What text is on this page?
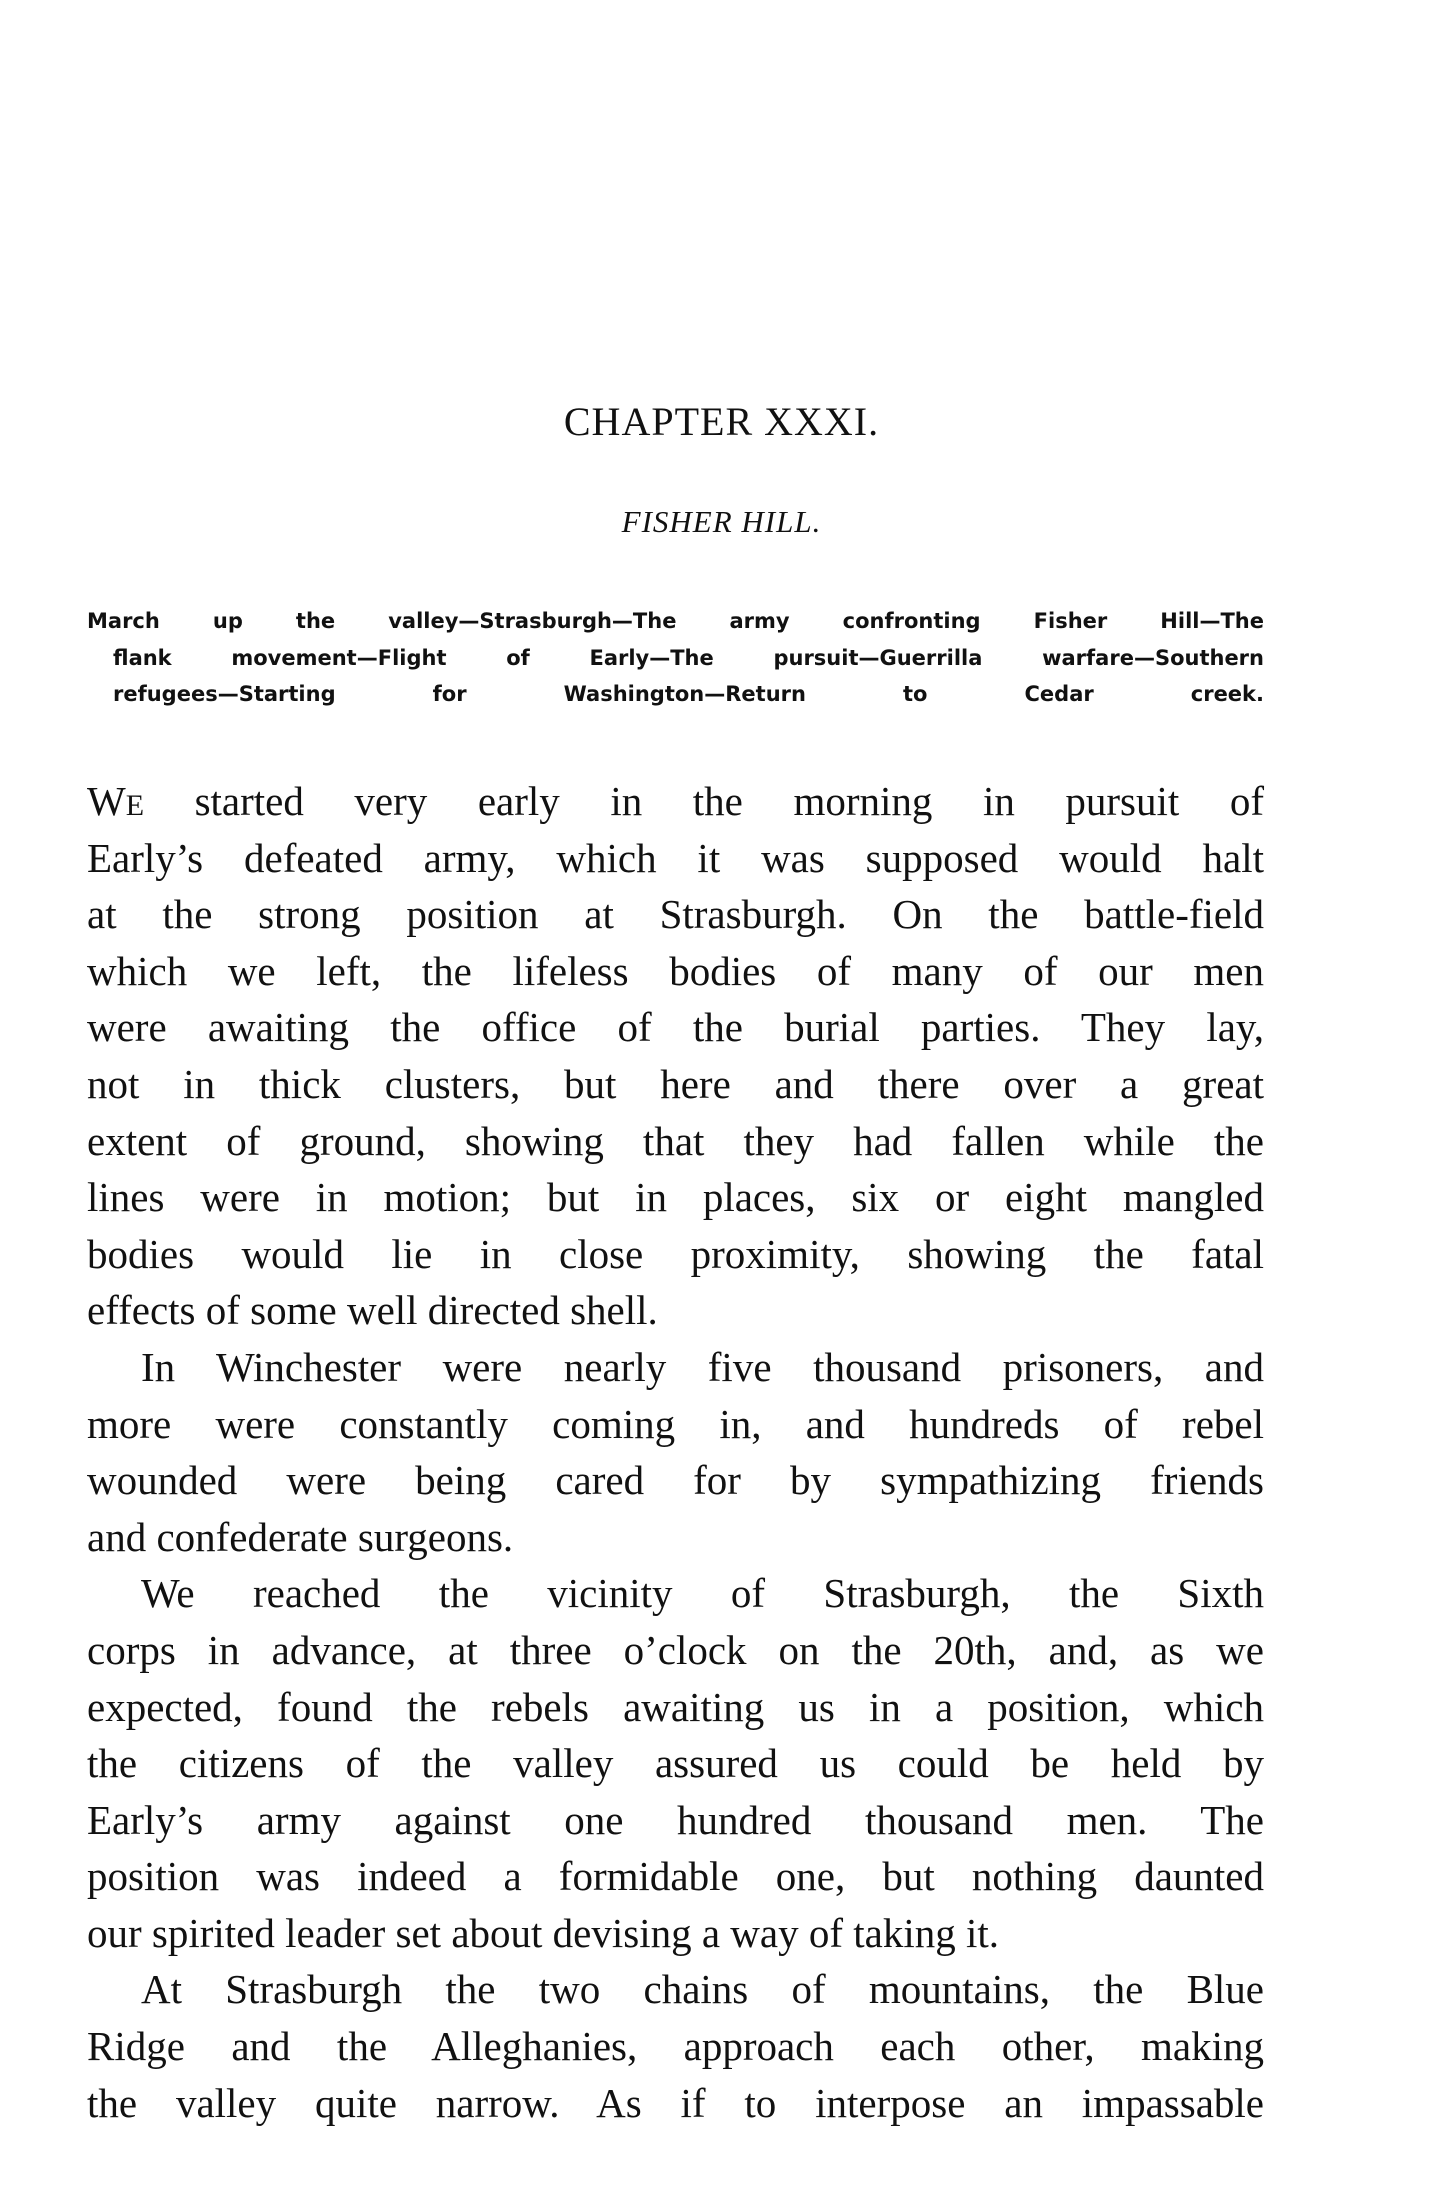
CHAPTER XXXI.
FISHER HILL.
March up the valley—Strasburgh—The army confronting Fisher Hill—The
flank movement—Flight of Early—The pursuit—Guerrilla warfare—Southern
refugees—Starting for Washington—Return to Cedar creek.
WE started very early in the morning in pursuit of
Early’s defeated army, which it was supposed would halt
at the strong position at Strasburgh. On the battle-field
which we left, the lifeless bodies of many of our men
were awaiting the office of the burial parties. They lay,
not in thick clusters, but here and there over a great
extent of ground, showing that they had fallen while the
lines were in motion; but in places, six or eight mangled
bodies would lie in close proximity, showing the fatal
effects of some well directed shell.
In Winchester were nearly five thousand prisoners, and
more were constantly coming in, and hundreds of rebel
wounded were being cared for by sympathizing friends
and confederate surgeons.
We reached the vicinity of Strasburgh, the Sixth
corps in advance, at three o’clock on the 20th, and, as we
expected, found the rebels awaiting us in a position, which
the citizens of the valley assured us could be held by
Early’s army against one hundred thousand men. The
position was indeed a formidable one, but nothing daunted
our spirited leader set about devising a way of taking it.
At Strasburgh the two chains of mountains, the Blue
Ridge and the Alleghanies, approach each other, making
the valley quite narrow. As if to interpose an impassable
